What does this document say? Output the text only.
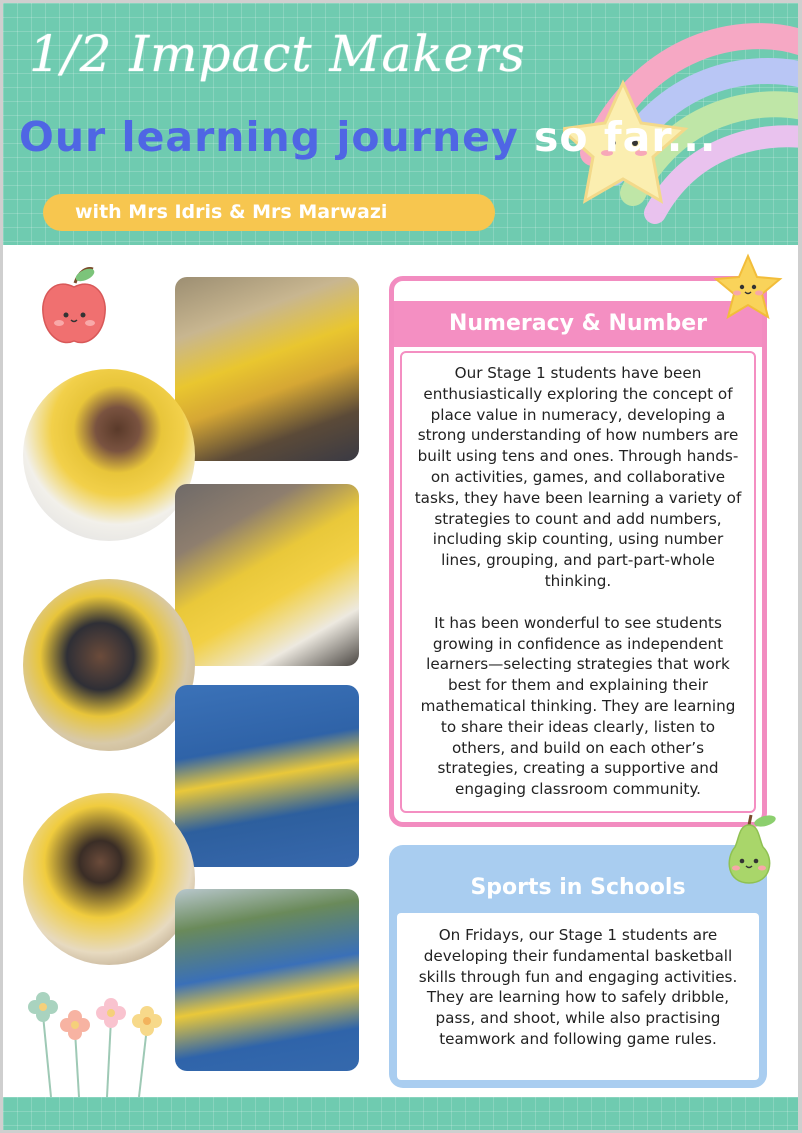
1/2 Impact Makers
Our learning journey so far...
with Mrs Idris & Mrs Marwazi
Numeracy & Number

Our Stage 1 students have been enthusiastically exploring the concept of place value in numeracy, developing a strong understanding of how numbers are built using tens and ones. Through hands-on activities, games, and collaborative tasks, they have been learning a variety of strategies to count and add numbers, including skip counting, using number lines, grouping, and part-part-whole thinking.

It has been wonderful to see students growing in confidence as independent learners—selecting strategies that work best for them and explaining their mathematical thinking. They are learning to share their ideas clearly, listen to others, and build on each other’s strategies, creating a supportive and engaging classroom community.

Sports in Schools
On Fridays, our Stage 1 students are developing their fundamental basketball skills through fun and engaging activities. They are learning how to safely dribble, pass, and shoot, while also practising teamwork and following game rules.
